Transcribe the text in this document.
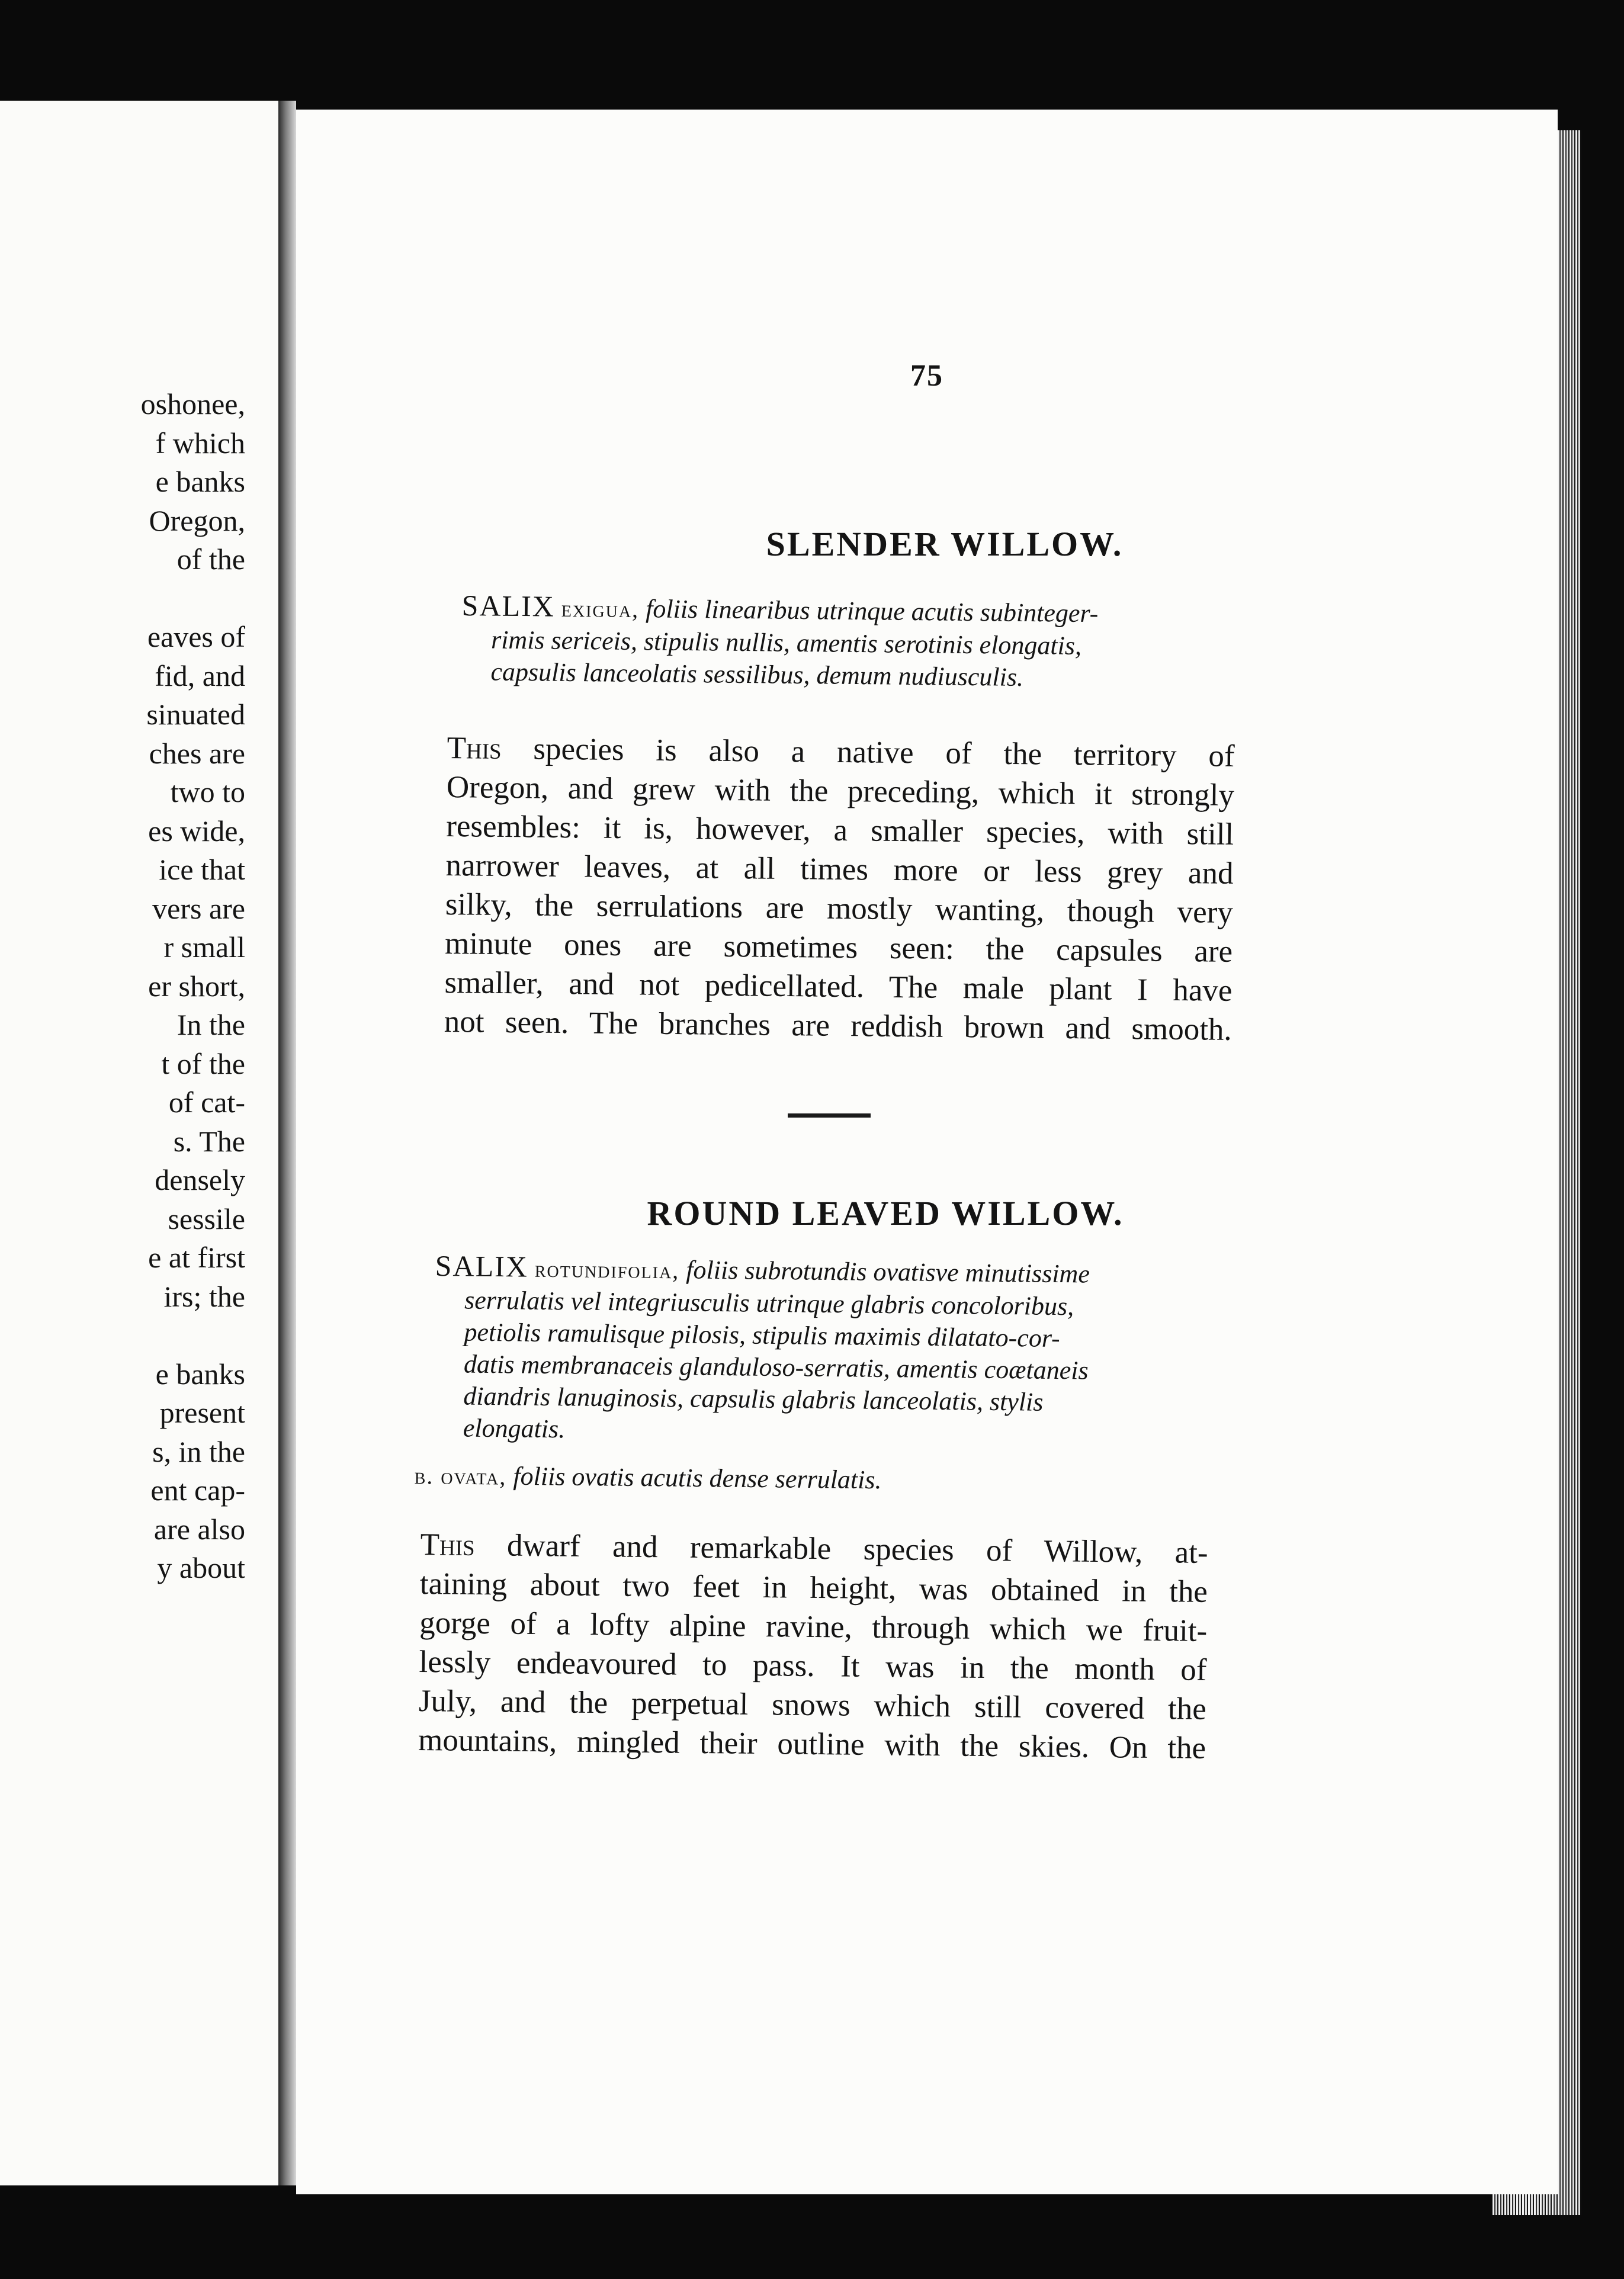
oshonee,
f which
e banks
Oregon,
of the

eaves of
fid, and
sinuated
ches are
two to
es wide,
ice that
vers are
r small
er short,
In the
t of the
of cat-
s. The
densely
sessile
e at first
irs; the

e banks
present
s, in the
ent cap-
are also
y about
75
SLENDER WILLOW.
SALIX exigua, foliis linearibus utrinque acutis subinteger-
rimis sericeis, stipulis nullis, amentis serotinis elongatis,
capsulis lanceolatis sessilibus, demum nudiusculis.
This species is also a native of the territory of
Oregon, and grew with the preceding, which it strongly
resembles: it is, however, a smaller species, with still
narrower leaves, at all times more or less grey and
silky, the serrulations are mostly wanting, though very
minute ones are sometimes seen: the capsules are
smaller, and not pedicellated. The male plant I have
not seen. The branches are reddish brown and smooth.
ROUND LEAVED WILLOW.
SALIX rotundifolia, foliis subrotundis ovatisve minutissime
serrulatis vel integriusculis utrinque glabris concoloribus,
petiolis ramulisque pilosis, stipulis maximis dilatato-cor-
datis membranaceis glanduloso-serratis, amentis coætaneis
diandris lanuginosis, capsulis glabris lanceolatis, stylis
elongatis.
β. ovata, foliis ovatis acutis dense serrulatis.
This dwarf and remarkable species of Willow, at-
taining about two feet in height, was obtained in the
gorge of a lofty alpine ravine, through which we fruit-
lessly endeavoured to pass. It was in the month of
July, and the perpetual snows which still covered the
mountains, mingled their outline with the skies. On the
